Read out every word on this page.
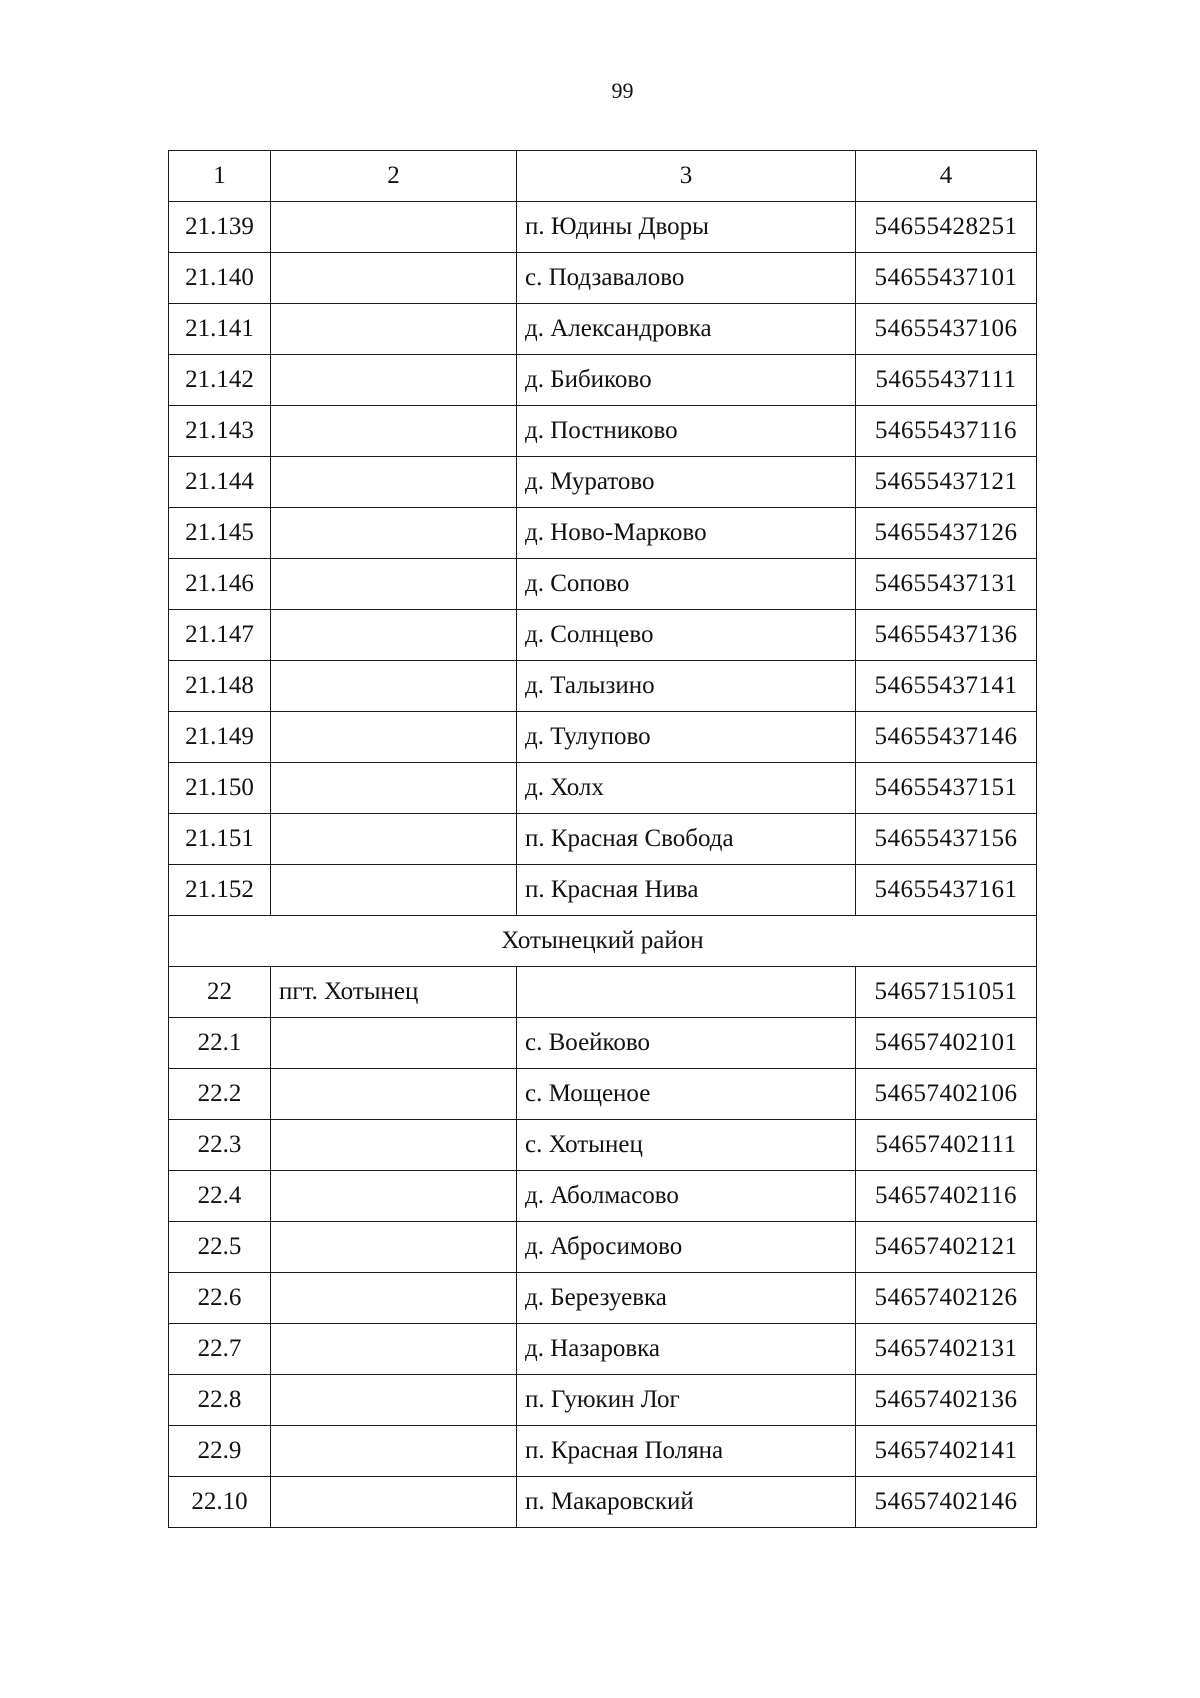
99
1	2	3	4
21.139		п. Юдины Дворы	54655428251
21.140		с. Подзавалово	54655437101
21.141		д. Александровка	54655437106
21.142		д. Бибиково	54655437111
21.143		д. Постниково	54655437116
21.144		д. Муратово	54655437121
21.145		д. Ново-Марково	54655437126
21.146		д. Сопово	54655437131
21.147		д. Солнцево	54655437136
21.148		д. Талызино	54655437141
21.149		д. Тулупово	54655437146
21.150		д. Холх	54655437151
21.151		п. Красная Свобода	54655437156
21.152		п. Красная Нива	54655437161
Хотынецкий район			
22	пгт. Хотынец		54657151051
22.1		с. Воейково	54657402101
22.2		с. Мощеное	54657402106
22.3		с. Хотынец	54657402111
22.4		д. Аболмасово	54657402116
22.5		д. Абросимово	54657402121
22.6		д. Березуевка	54657402126
22.7		д. Назаровка	54657402131
22.8		п. Гуюкин Лог	54657402136
22.9		п. Красная Поляна	54657402141
22.10		п. Макаровский	54657402146
